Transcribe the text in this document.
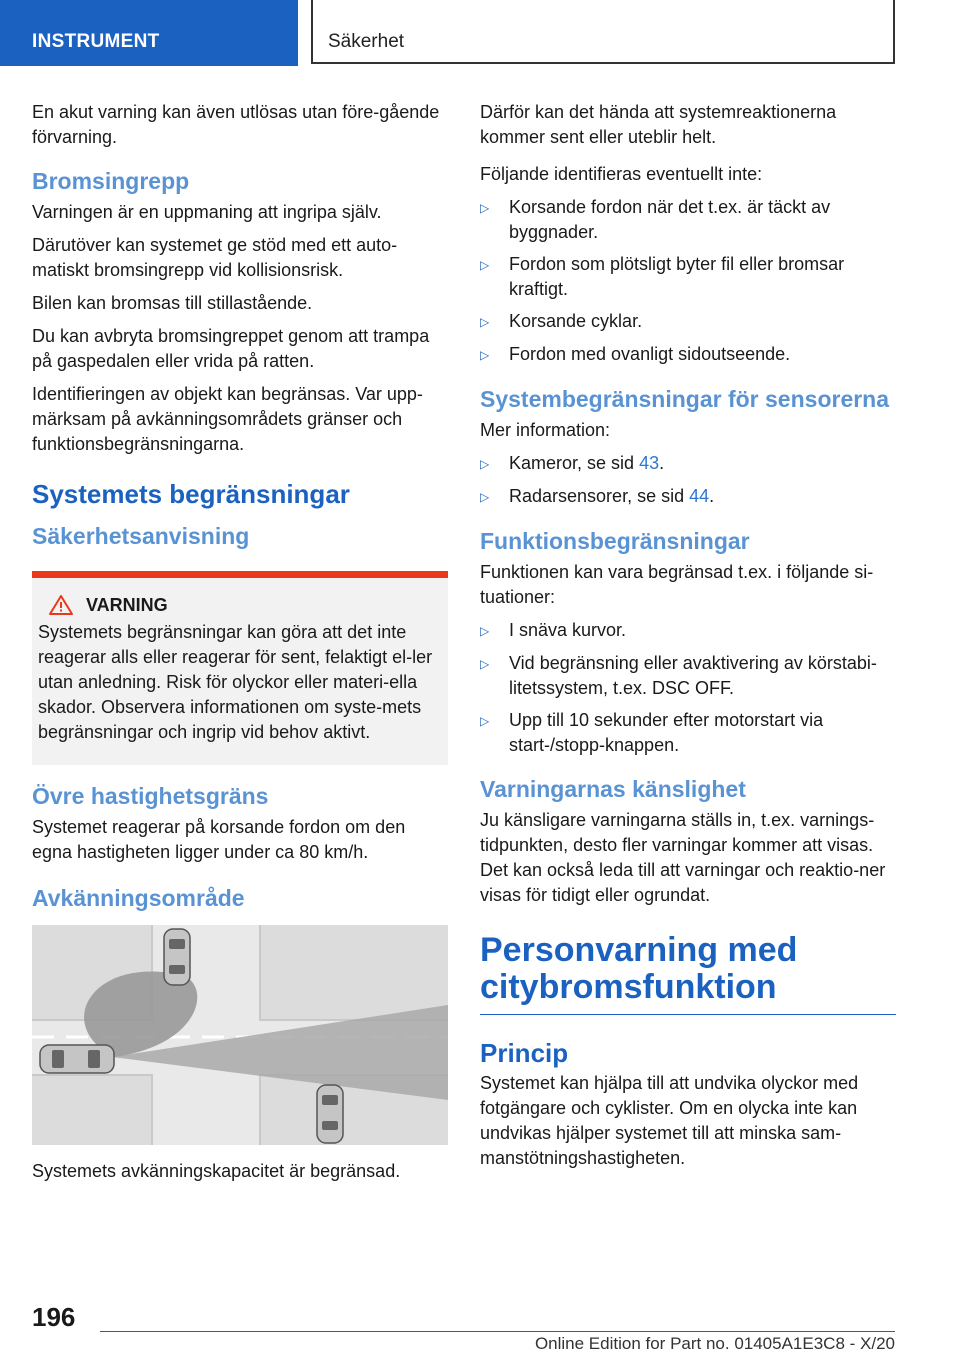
INSTRUMENT	Säkerhet

En akut varning kan även utlösas utan före-gående förvarning.

Bromsingrepp

Varningen är en uppmaning att ingripa själv.

Därutöver kan systemet ge stöd med ett auto-matiskt bromsingrepp vid kollisionsrisk.

Bilen kan bromsas till stillastående.

Du kan avbryta bromsingreppet genom att trampa på gaspedalen eller vrida på ratten.

Identifieringen av objekt kan begränsas. Var upp-märksam på avkänningsområdets gränser och funktionsbegränsningarna.

Systemets begränsningar
Säkerhetsanvisning
VARNING
Systemets begränsningar kan göra att det inte reagerar alls eller reagerar för sent, felaktigt el-ler utan anledning. Risk för olyckor eller materi-ella skador. Observera informationen om syste-mets begränsningar och ingrip vid behov aktivt.
Övre hastighetsgräns

Systemet reagerar på korsande fordon om den egna hastigheten ligger under ca 80 km/h.

Avkänningsområde

Systemets avkänningskapacitet är begränsad.

Därför kan det hända att systemreaktionerna kommer sent eller uteblir helt.

Följande identifieras eventuellt inte:

▷	Korsande fordon när det t.ex. är täckt av byggnader.
▷	Fordon som plötsligt byter fil eller bromsar kraftigt.
▷	Korsande cyklar.
▷	Fordon med ovanligt sidoutseende.
Systembegränsningar för sensorerna

Mer information:

▷	Kameror, se sid 43.
▷	Radarsensorer, se sid 44.
Funktionsbegränsningar

Funktionen kan vara begränsad t.ex. i följande si-tuationer:

▷	I snäva kurvor.
▷	Vid begränsning eller avaktivering av körstabi-litetssystem, t.ex. DSC OFF.
▷	Upp till 10 sekunder efter motorstart via start-/stopp-knappen.
Varningarnas känslighet

Ju känsligare varningarna ställs in, t.ex. varnings-tidpunkten, desto fler varningar kommer att visas. Det kan också leda till att varningar och reaktio-ner visas för tidigt eller ogrundat.

Personvarning med citybromsfunktion
Princip

Systemet kan hjälpa till att undvika olyckor med fotgängare och cyklister. Om en olycka inte kan undvikas hjälper systemet till att minska sam-manstötningshastigheten.

196
Online Edition for Part no. 01405A1E3C8 - X/20
